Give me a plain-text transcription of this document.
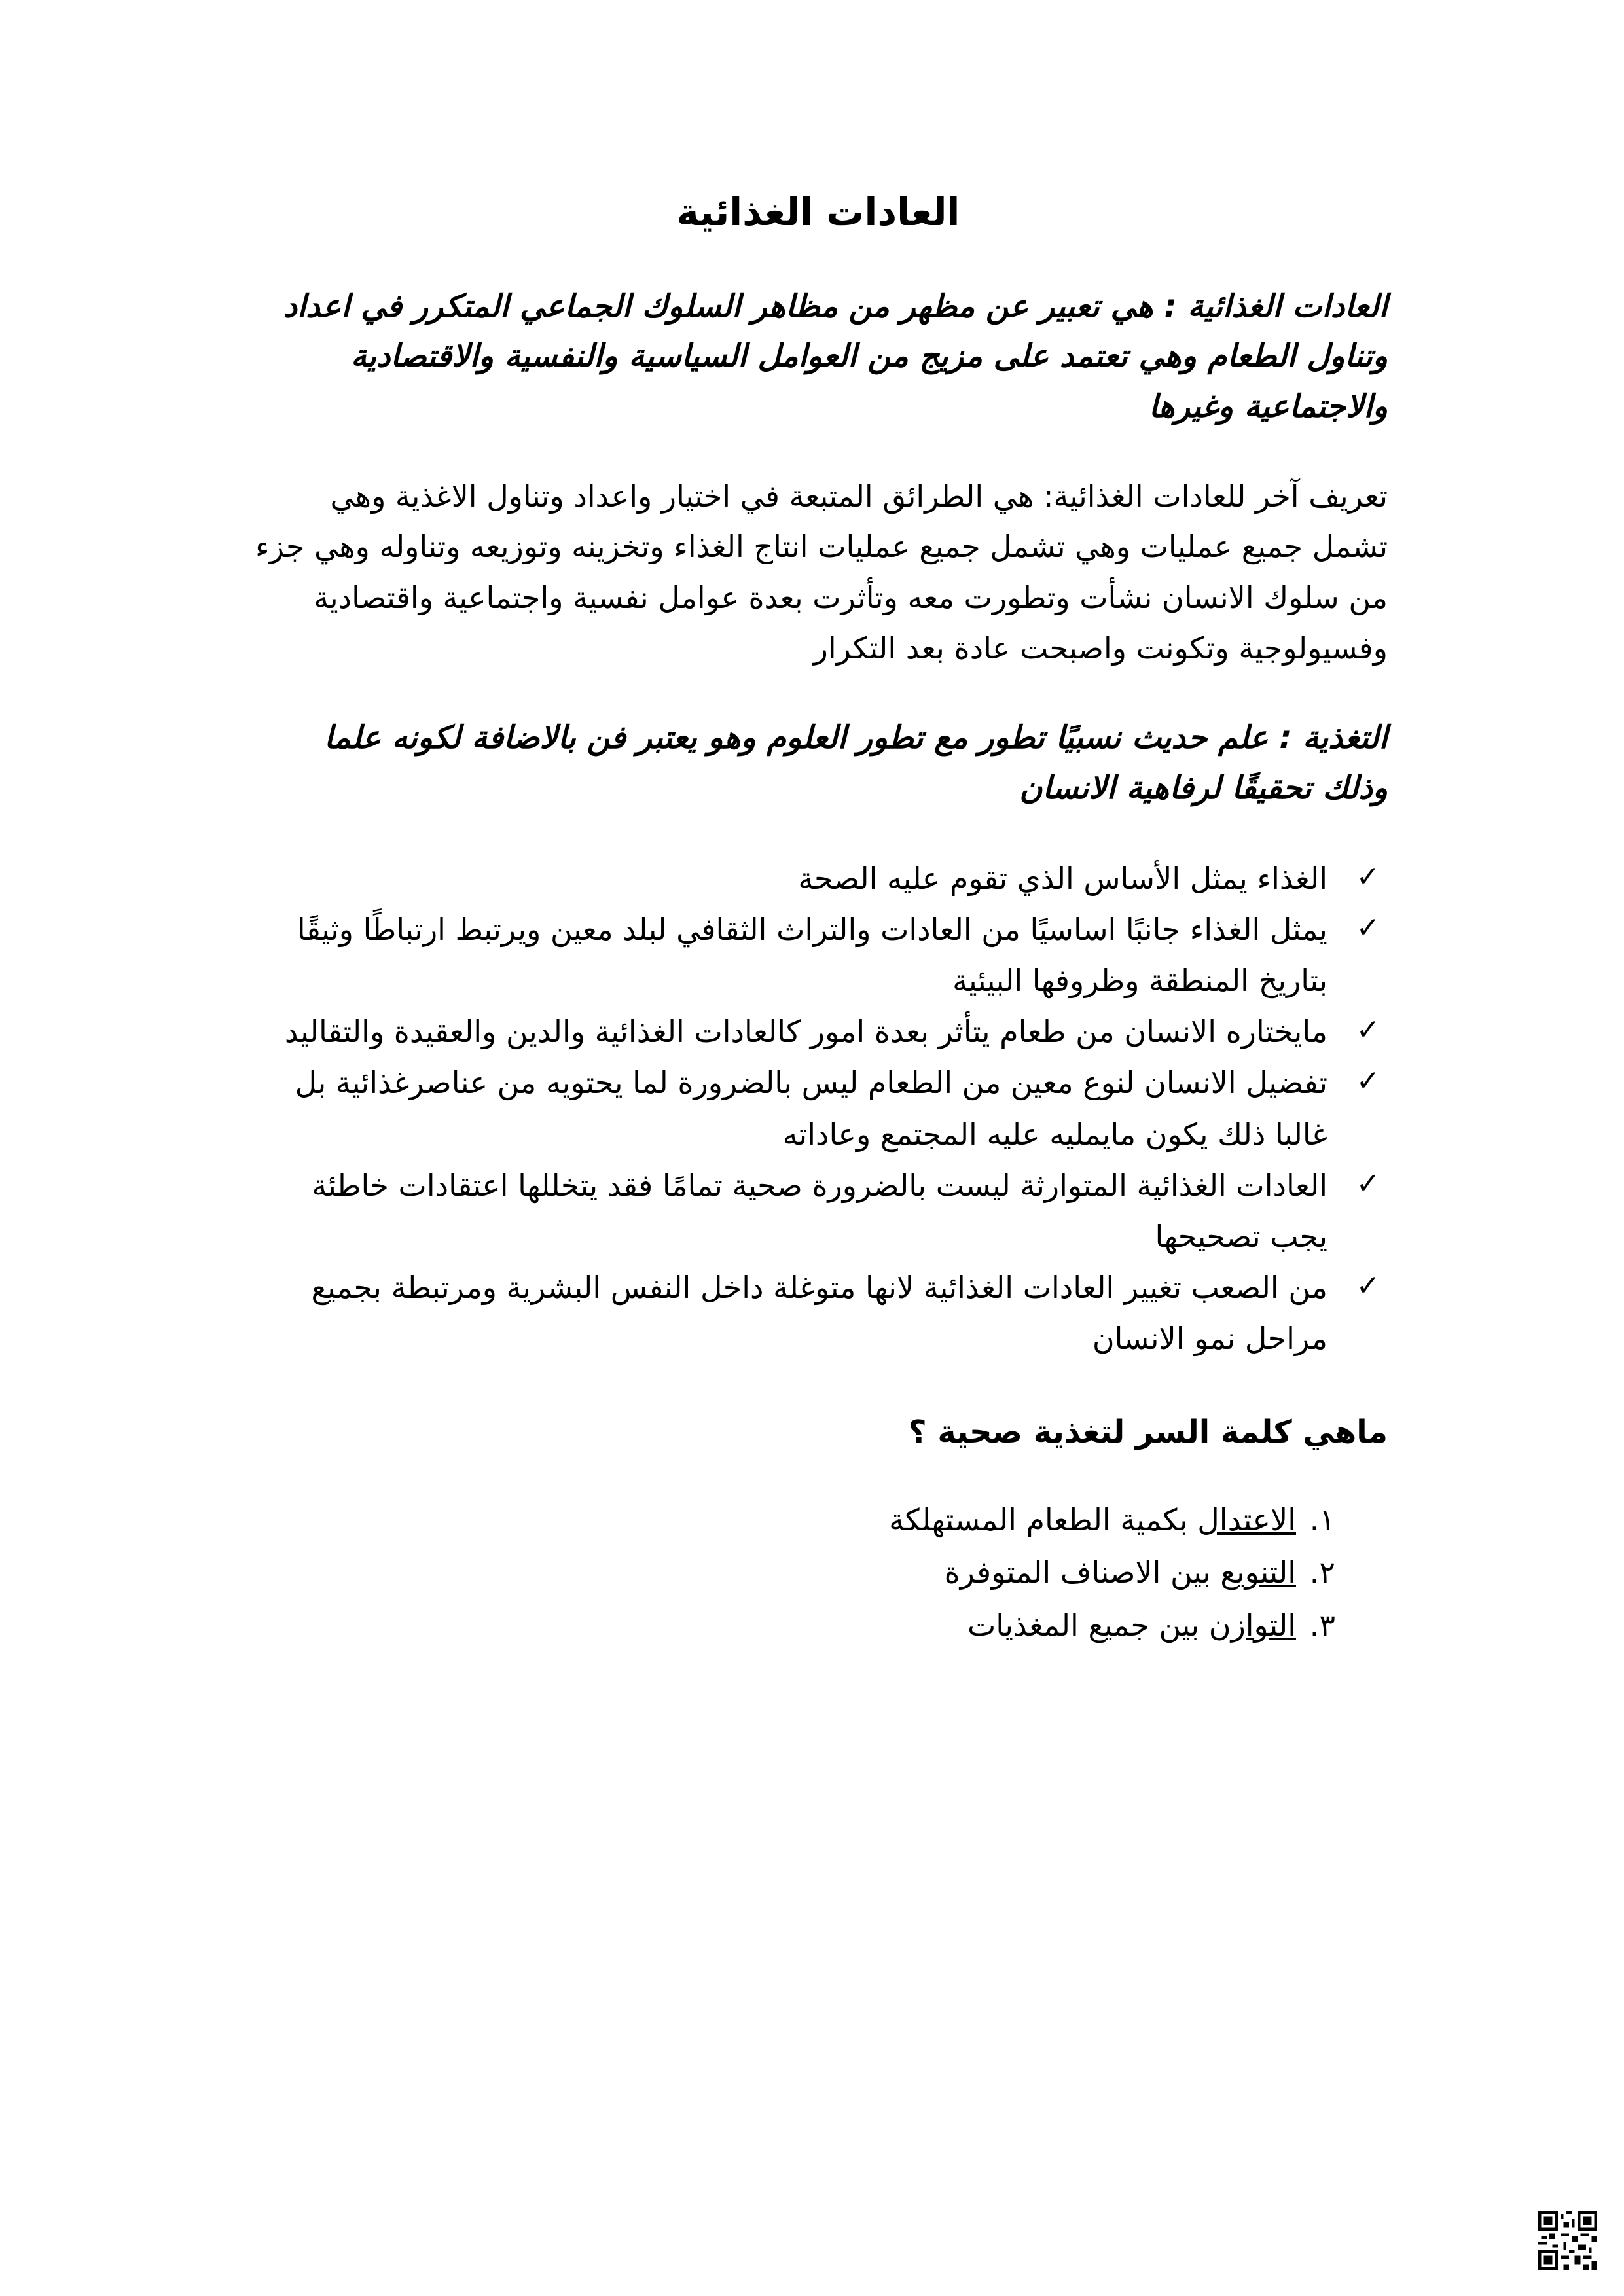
العادات الغذائية

العادات الغذائية : هي تعبير عن مظهر من مظاهر السلوك الجماعي المتكرر في اعداد وتناول الطعام وهي تعتمد على مزيج من العوامل السياسية والنفسية والاقتصادية والاجتماعية وغيرها

تعريف آخر للعادات الغذائية: هي الطرائق المتبعة في اختيار واعداد وتناول الاغذية وهي تشمل جميع عمليات وهي تشمل جميع عمليات انتاج الغذاء وتخزينه وتوزيعه وتناوله وهي جزء من سلوك الانسان نشأت وتطورت معه وتأثرت بعدة عوامل نفسية واجتماعية واقتصادية وفسيولوجية وتكونت واصبحت عادة بعد التكرار

التغذية : علم حديث نسبيًا تطور مع تطور العلوم وهو يعتبر فن بالاضافة لكونه علما وذلك تحقيقًا لرفاهية الانسان

✓
الغذاء يمثل الأساس الذي تقوم عليه الصحة
✓
يمثل الغذاء جانبًا اساسيًا من العادات والتراث الثقافي لبلد معين ويرتبط ارتباطًا وثيقًا بتاريخ المنطقة وظروفها البيئية
✓
مايختاره الانسان من طعام يتأثر بعدة امور كالعادات الغذائية والدين والعقيدة والتقاليد
✓
تفضيل الانسان لنوع معين من الطعام ليس بالضرورة لما يحتويه من عناصرغذائية بل غالبا ذلك يكون مايمليه عليه المجتمع وعاداته
✓
العادات الغذائية المتوارثة ليست بالضرورة صحية تمامًا فقد يتخللها اعتقادات خاطئة يجب تصحيحها
✓
من الصعب تغيير العادات الغذائية لانها متوغلة داخل النفس البشرية ومرتبطة بجميع مراحل نمو الانسان

ماهي كلمة السر لتغذية صحية ؟

١.
الاعتدال بكمية الطعام المستهلكة
٢.
التنويع بين الاصناف المتوفرة
٣.
التوازن بين جميع المغذيات
